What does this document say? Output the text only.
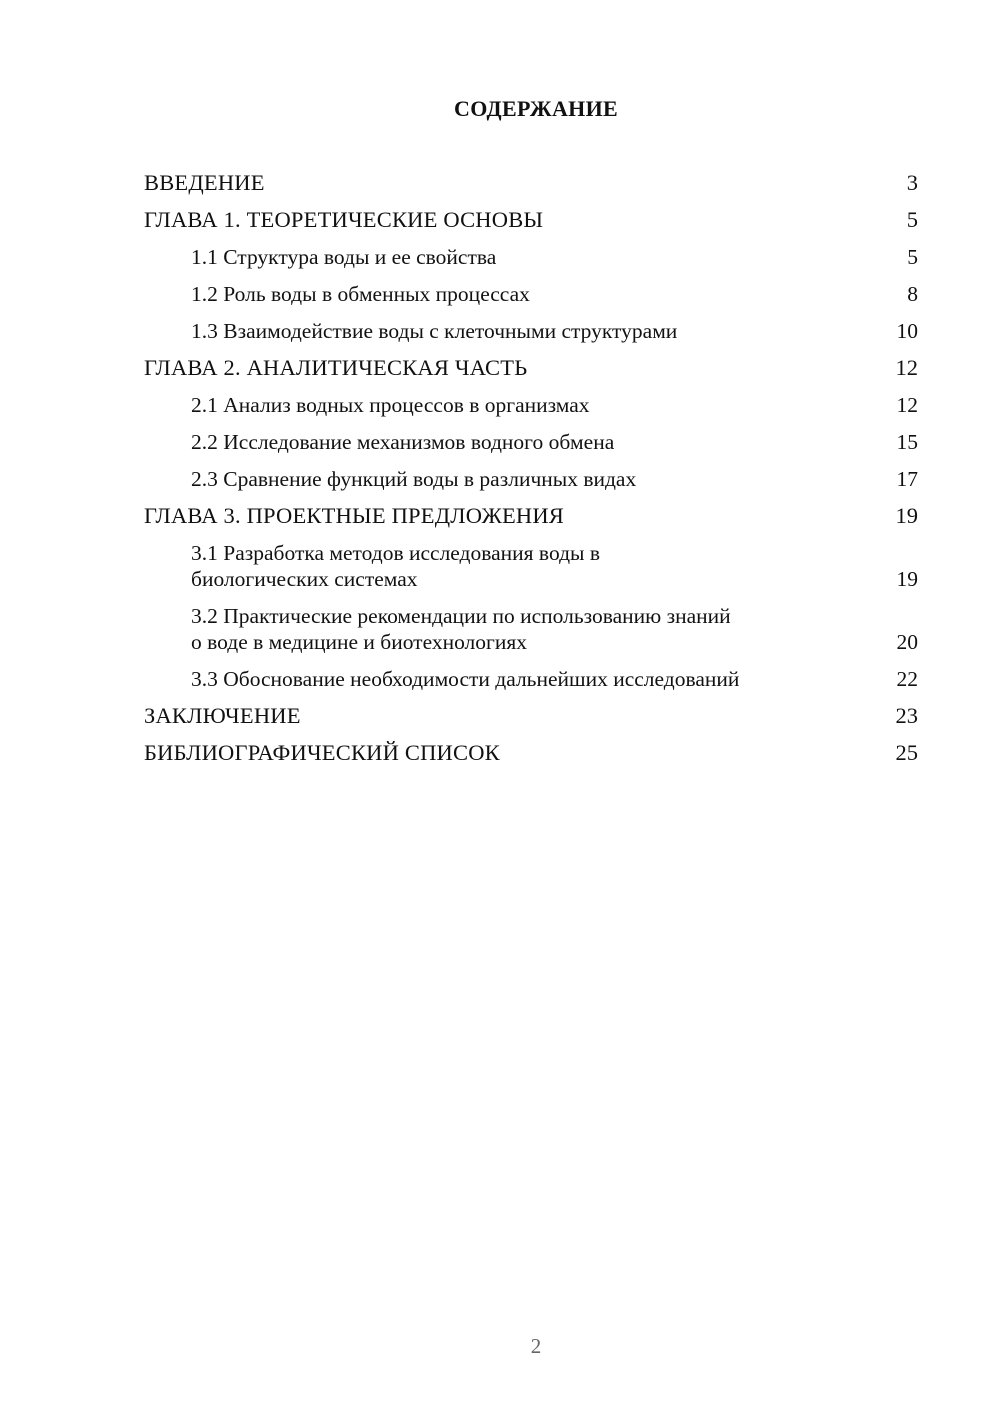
СОДЕРЖАНИЕ
ВВЕДЕНИЕ	3
ГЛАВА 1. ТЕОРЕТИЧЕСКИЕ ОСНОВЫ	5
1.1 Структура воды и ее свойства	5
1.2 Роль воды в обменных процессах	8
1.3 Взаимодействие воды с клеточными структурами	10
ГЛАВА 2. АНАЛИТИЧЕСКАЯ ЧАСТЬ	12
2.1 Анализ водных процессов в организмах	12
2.2 Исследование механизмов водного обмена	15
2.3 Сравнение функций воды в различных видах	17
ГЛАВА 3. ПРОЕКТНЫЕ ПРЕДЛОЖЕНИЯ	19
3.1 Разработка методов исследования воды в
биологических системах	19
3.2 Практические рекомендации по использованию знаний
о воде в медицине и биотехнологиях	20
3.3 Обоснование необходимости дальнейших исследований	22
ЗАКЛЮЧЕНИЕ	23
БИБЛИОГРАФИЧЕСКИЙ СПИСОК	25
2
